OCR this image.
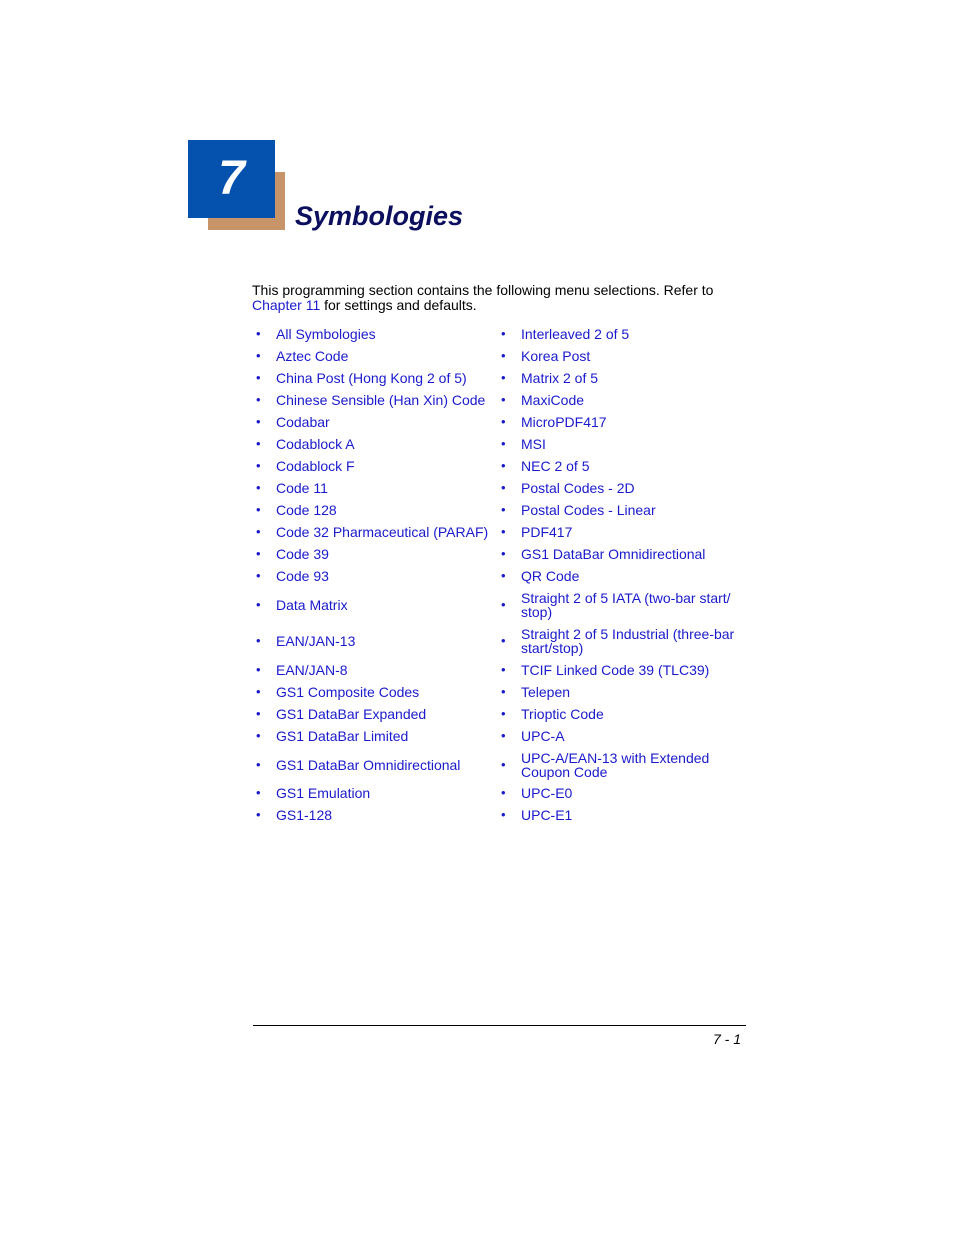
7
Symbologies

This programming section contains the following menu selections. Refer to
Chapter 11 for settings and defaults.

• All Symbologies
• Aztec Code
• China Post (Hong Kong 2 of 5)
• Chinese Sensible (Han Xin) Code
• Codabar
• Codablock A
• Codablock F
• Code 11
• Code 128
• Code 32 Pharmaceutical (PARAF)
• Code 39
• Code 93
• Data Matrix
• EAN/JAN-13
• EAN/JAN-8
• GS1 Composite Codes
• GS1 DataBar Expanded
• GS1 DataBar Limited
• GS1 DataBar Omnidirectional
• GS1 Emulation
• GS1-128
• Interleaved 2 of 5
• Korea Post
• Matrix 2 of 5
• MaxiCode
• MicroPDF417
• MSI
• NEC 2 of 5
• Postal Codes - 2D
• Postal Codes - Linear
• PDF417
• GS1 DataBar Omnidirectional
• QR Code
• Straight 2 of 5 IATA (two-bar start/ stop)
• Straight 2 of 5 Industrial (three-bar start/stop)
• TCIF Linked Code 39 (TLC39)
• Telepen
• Trioptic Code
• UPC-A
• UPC-A/EAN-13 with Extended Coupon Code
• UPC-E0
• UPC-E1
7 - 1
